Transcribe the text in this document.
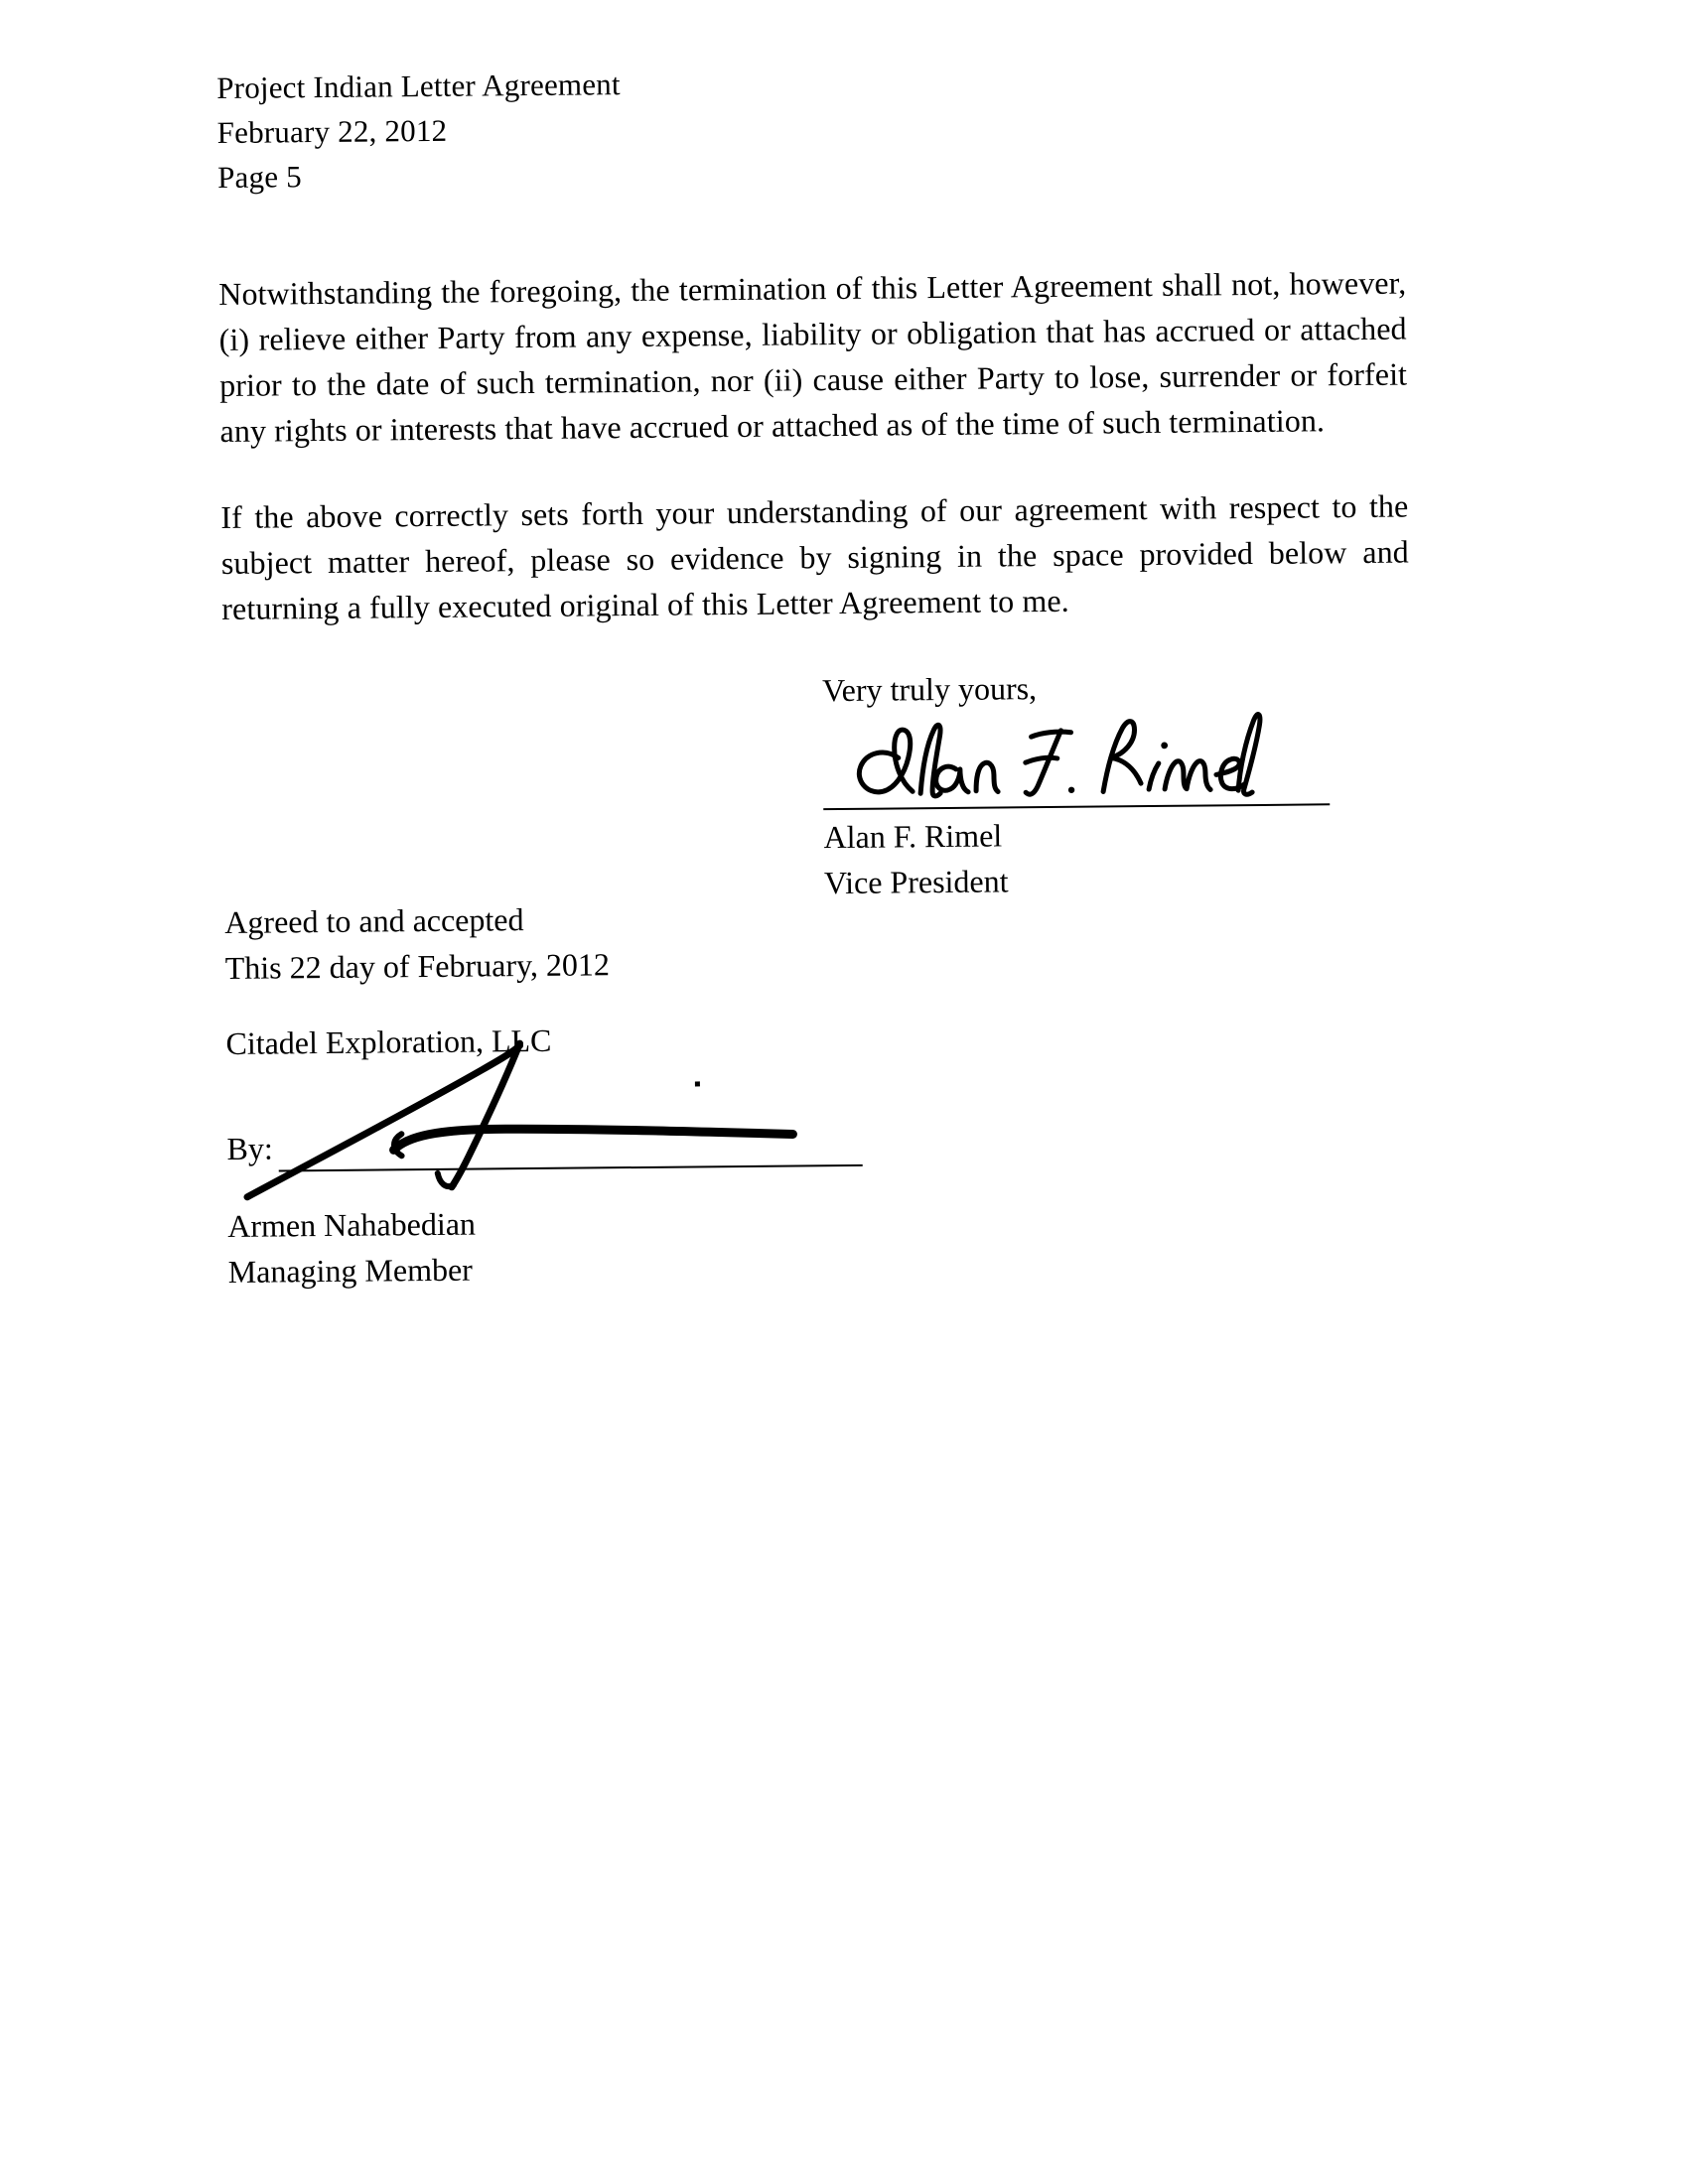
Project Indian Letter Agreement
February 22, 2012
Page 5
Notwithstanding the foregoing, the termination of this Letter Agreement shall not, however, (i) relieve either Party from any expense, liability or obligation that has accrued or attached prior to the date of such termination, nor (ii) cause either Party to lose, surrender or forfeit any rights or interests that have accrued or attached as of the time of such termination.
If the above correctly sets forth your understanding of our agreement with respect to the subject matter hereof, please so evidence by signing in the space provided below and returning a fully executed original of this Letter Agreement to me.
Very truly yours,
Alan F. Rimel
Vice President
Agreed to and accepted
This 22 day of February, 2012
Citadel Exploration, LLC
By:
Armen Nahabedian
Managing Member
